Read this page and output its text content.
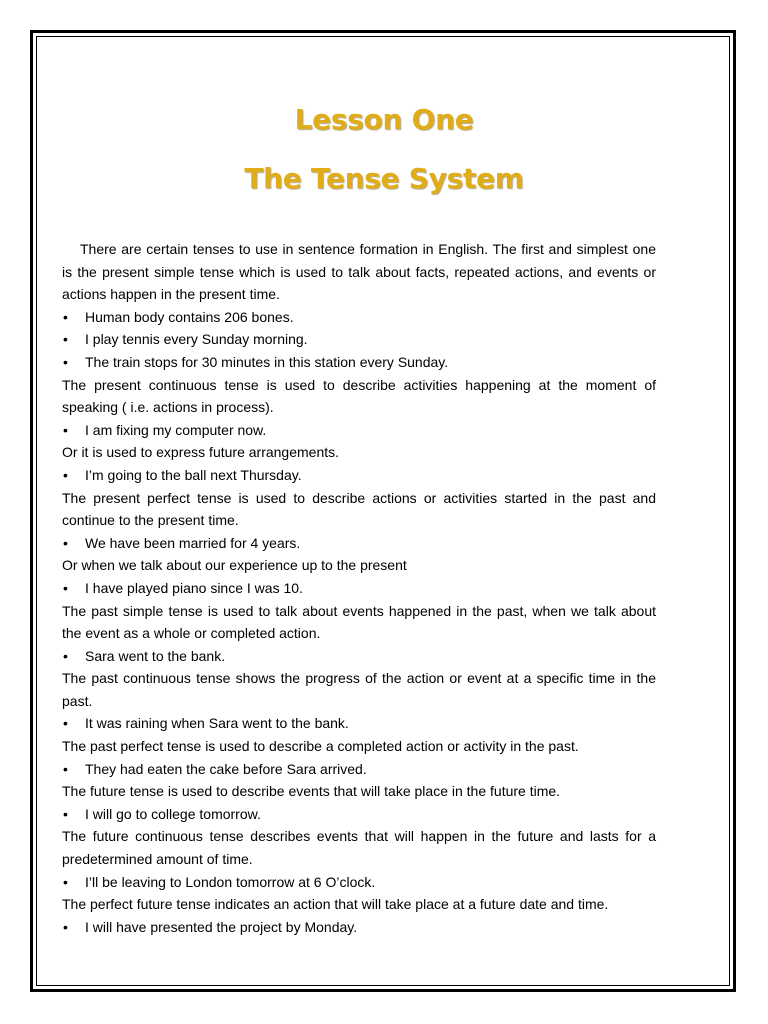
Lesson One
The Tense System

There are certain tenses to use in sentence formation in English. The first and simplest one is the present simple tense which is used to talk about facts, repeated actions, and events or actions happen in the present time.

• Human body contains 206 bones.
• I play tennis every Sunday morning.
• The train stops for 30 minutes in this station every Sunday.

The present continuous tense is used to describe activities happening at the moment of speaking ( i.e. actions in process).

• I am fixing my computer now.

Or it is used to express future arrangements.

• I’m going to the ball next Thursday.

The present perfect tense is used to describe actions or activities started in the past and continue to the present time.

• We have been married for 4 years.

Or when we talk about our experience up to the present

• I have played piano since I was 10.

The past simple tense is used to talk about events happened in the past, when we talk about the event as a whole or completed action.

• Sara went to the bank.

The past continuous tense shows the progress of the action or event at a specific time in the past.

• It was raining when Sara went to the bank.

The past perfect tense is used to describe a completed action or activity in the past.

• They had eaten the cake before Sara arrived.

The future tense is used to describe events that will take place in the future time.

• I will go to college tomorrow.

The future continuous tense describes events that will happen in the future and lasts for a predetermined amount of time.

• I’ll be leaving to London tomorrow at 6 O’clock.

The perfect future tense indicates an action that will take place at a future date and time.

• I will have presented the project by Monday.
